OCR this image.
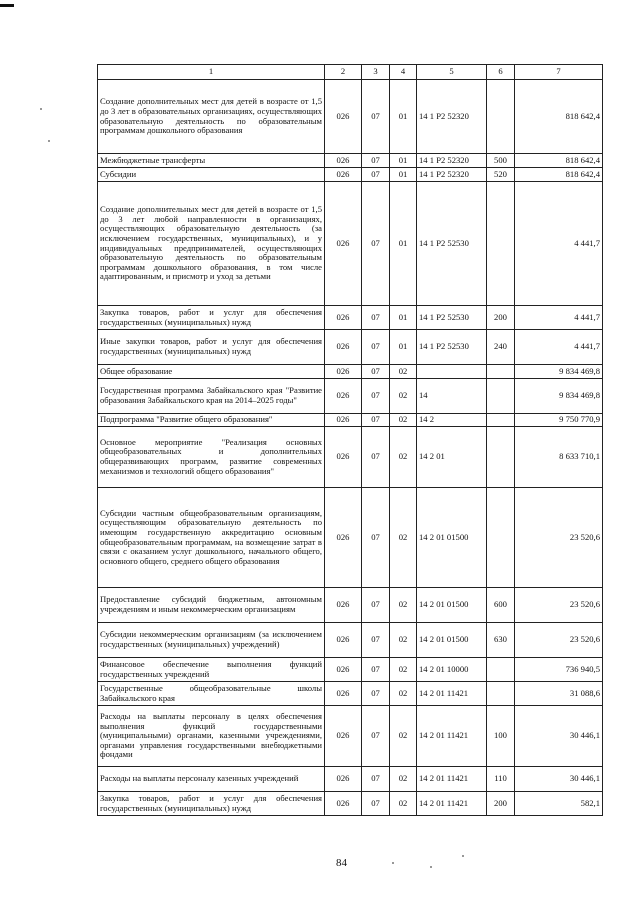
1	2	3	4	5	6	7
Создание дополнительных мест для детей в возрасте от 1,5 до 3 лет в образовательных организациях, осуществляющих образовательную деятельность по образовательным программам дошкольного образования	026	07	01	14 1 Р2 52320		818 642,4
Межбюджетные трансферты	026	07	01	14 1 Р2 52320	500	818 642,4
Субсидии	026	07	01	14 1 Р2 52320	520	818 642,4
Создание дополнительных мест для детей в возрасте от 1,5 до 3 лет любой направленности в организациях, осуществляющих образовательную деятельность (за исключением государственных, муниципальных), и у индивидуальных предпринимателей, осуществляющих образовательную деятельность по образовательным программам дошкольного образования, в том числе адаптированным, и присмотр и уход за детьми	026	07	01	14 1 Р2 52530		4 441,7
Закупка товаров, работ и услуг для обеспечения государственных (муниципальных) нужд	026	07	01	14 1 Р2 52530	200	4 441,7
Иные закупки товаров, работ и услуг для обеспечения государственных (муниципальных) нужд	026	07	01	14 1 Р2 52530	240	4 441,7
Общее образование	026	07	02			9 834 469,8
Государственная программа Забайкальского края "Развитие образования Забайкальского края на 2014–2025 годы"	026	07	02	14		9 834 469,8
Подпрограмма "Развитие общего образования"	026	07	02	14 2		9 750 770,9
Основное мероприятие "Реализация основных общеобразовательных и дополнительных общеразвивающих программ, развитие современных механизмов и технологий общего образования"	026	07	02	14 2 01		8 633 710,1
Субсидии частным общеобразовательным организациям, осуществляющим образовательную деятельность по имеющим государственную аккредитацию основным общеобразовательным программам, на возмещение затрат в связи с оказанием услуг дошкольного, начального общего, основного общего, среднего общего образования	026	07	02	14 2 01 01500		23 520,6
Предоставление субсидий бюджетным, автономным учреждениям и иным некоммерческим организациям	026	07	02	14 2 01 01500	600	23 520,6
Субсидии некоммерческим организациям (за исключением государственных (муниципальных) учреждений)	026	07	02	14 2 01 01500	630	23 520,6
Финансовое обеспечение выполнения функций государственных учреждений	026	07	02	14 2 01 10000		736 940,5
Государственные общеобразовательные школы Забайкальского края	026	07	02	14 2 01 11421		31 088,6
Расходы на выплаты персоналу в целях обеспечения выполнения функций государственными (муниципальными) органами, казенными учреждениями, органами управления государственными внебюджетными фондами	026	07	02	14 2 01 11421	100	30 446,1
Расходы на выплаты персоналу казенных учреждений	026	07	02	14 2 01 11421	110	30 446,1
Закупка товаров, работ и услуг для обеспечения государственных (муниципальных) нужд	026	07	02	14 2 01 11421	200	582,1
84
